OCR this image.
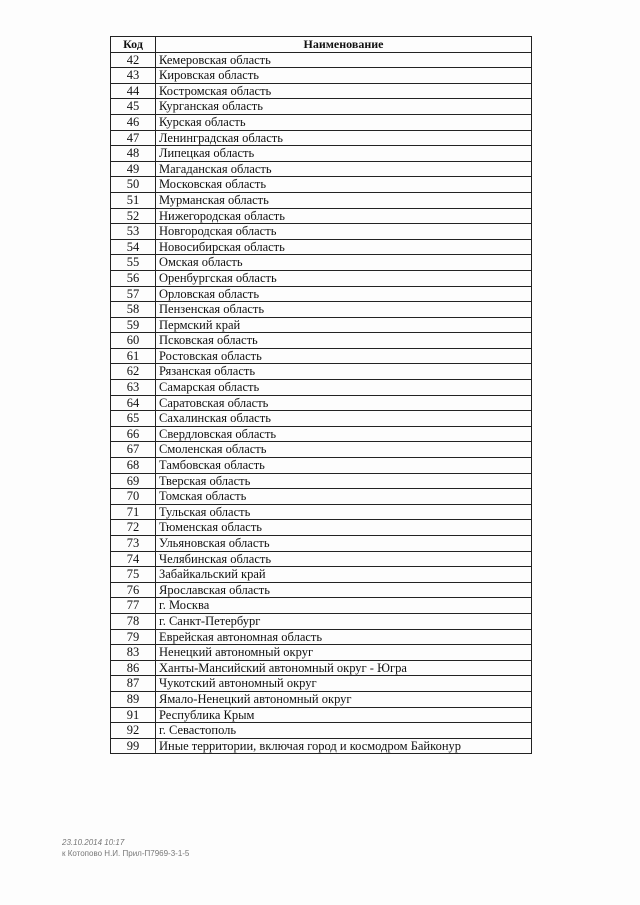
Код	Наименование
42	Кемеровская область
43	Кировская область
44	Костромская область
45	Курганская область
46	Курская область
47	Ленинградская область
48	Липецкая область
49	Магаданская область
50	Московская область
51	Мурманская область
52	Нижегородская область
53	Новгородская область
54	Новосибирская область
55	Омская область
56	Оренбургская область
57	Орловская область
58	Пензенская область
59	Пермский край
60	Псковская область
61	Ростовская область
62	Рязанская область
63	Самарская область
64	Саратовская область
65	Сахалинская область
66	Свердловская область
67	Смоленская область
68	Тамбовская область
69	Тверская область
70	Томская область
71	Тульская область
72	Тюменская область
73	Ульяновская область
74	Челябинская область
75	Забайкальский край
76	Ярославская область
77	г. Москва
78	г. Санкт-Петербург
79	Еврейская автономная область
83	Ненецкий автономный округ
86	Ханты-Мансийский автономный округ - Югра
87	Чукотский автономный округ
89	Ямало-Ненецкий автономный округ
91	Республика Крым
92	г. Севастополь
99	Иные территории, включая город и космодром Байконур
23.10.2014 10:17
к Котопово Н.И. Прил-П7969-3-1-5
